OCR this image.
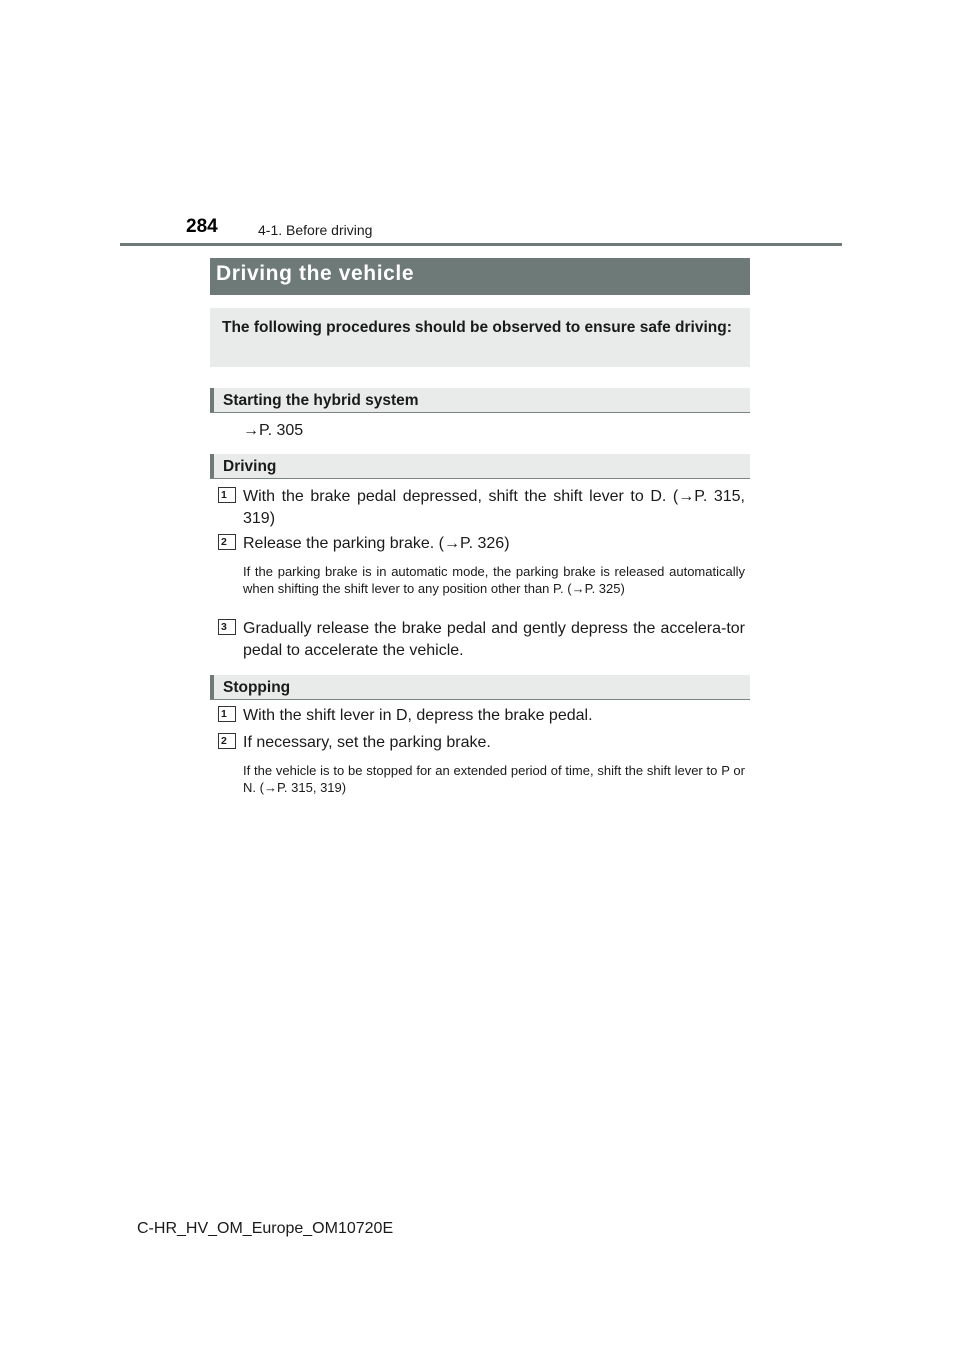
284	4-1. Before driving
Driving the vehicle
The following procedures should be observed to ensure safe driving:
Starting the hybrid system
→P. 305
Driving
1	With the brake pedal depressed, shift the shift lever to D. (→P. 315, 319)
2	Release the parking brake. (→P. 326)
If the parking brake is in automatic mode, the parking brake is released automatically when shifting the shift lever to any position other than P. (→P. 325)
3	Gradually release the brake pedal and gently depress the accelera-tor pedal to accelerate the vehicle.
Stopping
1	With the shift lever in D, depress the brake pedal.
2	If necessary, set the parking brake.
If the vehicle is to be stopped for an extended period of time, shift the shift lever to P or N. (→P. 315, 319)
C-HR_HV_OM_Europe_OM10720E
